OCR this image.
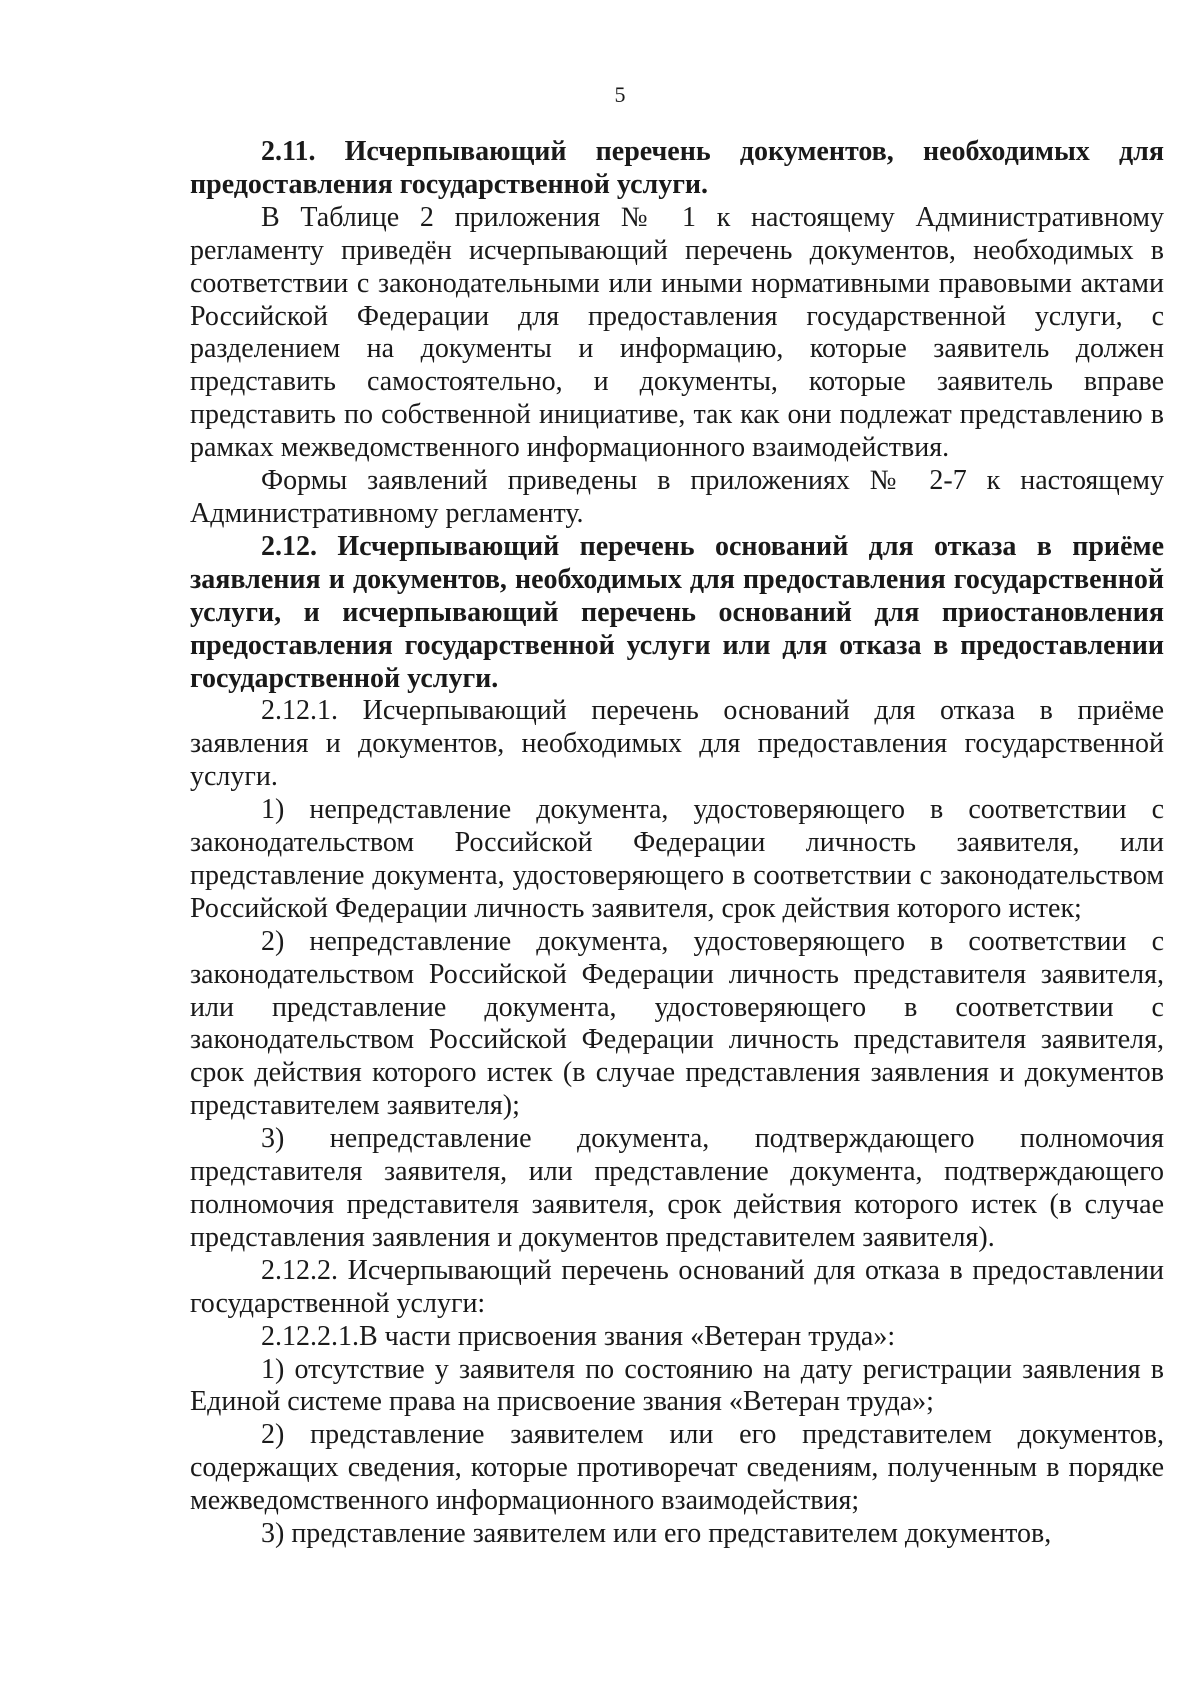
5

2.11. Исчерпывающий перечень документов, необходимых для предоставления государственной услуги.

В Таблице 2 приложения № 1 к настоящему Административному регламенту приведён исчерпывающий перечень документов, необходимых в соответствии с законодательными или иными нормативными правовыми актами Российской Федерации для предоставления государственной услуги, с разделением на документы и информацию, которые заявитель должен представить самостоятельно, и документы, которые заявитель вправе представить по собственной инициативе, так как они подлежат представлению в рамках межведомственного информационного взаимодействия.

Формы заявлений приведены в приложениях № 2-7 к настоящему Административному регламенту.

2.12. Исчерпывающий перечень оснований для отказа в приёме заявления и документов, необходимых для предоставления государственной услуги, и исчерпывающий перечень оснований для приостановления предоставления государственной услуги или для отказа в предоставлении государственной услуги.

2.12.1. Исчерпывающий перечень оснований для отказа в приёме заявления и документов, необходимых для предоставления государственной услуги.

1) непредставление документа, удостоверяющего в соответствии с законодательством Российской Федерации личность заявителя, или представление документа, удостоверяющего в соответствии с законодательством Российской Федерации личность заявителя, срок действия которого истек;

2) непредставление документа, удостоверяющего в соответствии с законодательством Российской Федерации личность представителя заявителя, или представление документа, удостоверяющего в соответствии с законодательством Российской Федерации личность представителя заявителя, срок действия которого истек (в случае представления заявления и документов представителем заявителя);

3) непредставление документа, подтверждающего полномочия представителя заявителя, или представление документа, подтверждающего полномочия представителя заявителя, срок действия которого истек (в случае представления заявления и документов представителем заявителя).

2.12.2. Исчерпывающий перечень оснований для отказа в предоставлении государственной услуги:

2.12.2.1.В части присвоения звания «Ветеран труда»:

1) отсутствие у заявителя по состоянию на дату регистрации заявления в Единой системе права на присвоение звания «Ветеран труда»;

2) представление заявителем или его представителем документов, содержащих сведения, которые противоречат сведениям, полученным в порядке межведомственного информационного взаимодействия;

3) представление заявителем или его представителем документов,
